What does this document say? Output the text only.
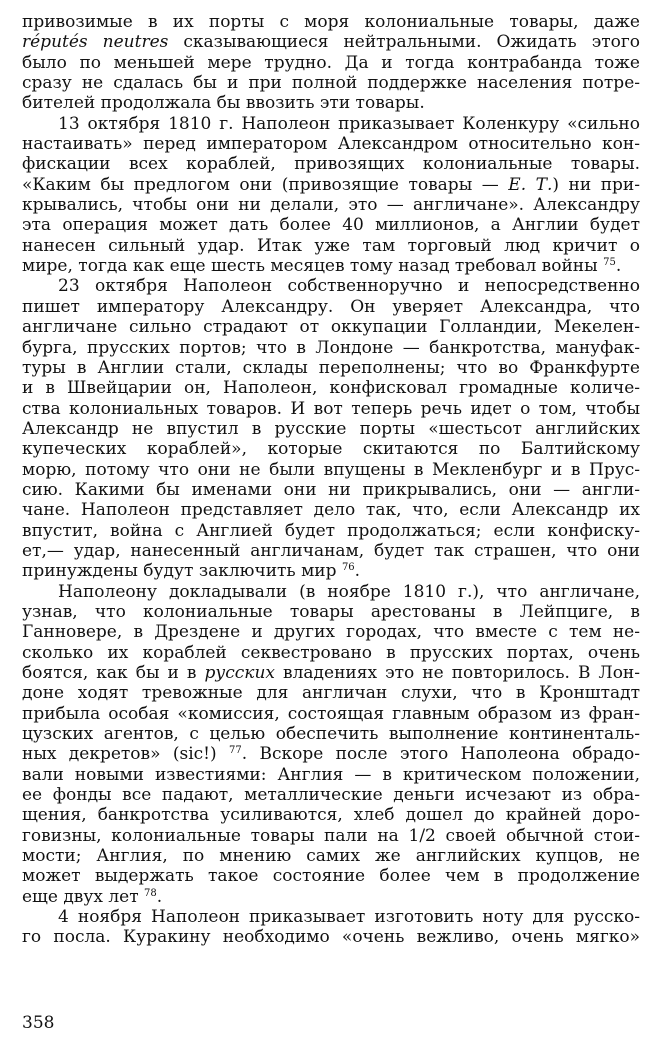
привозимые в их порты с моря колониальные товары, даже
réputés neutres сказывающиеся нейтральными. Ожидать этого
было по меньшей мере трудно. Да и тогда контрабанда тоже
сразу не сдалась бы и при полной поддержке населения потре-
бителей продолжала бы ввозить эти товары.
13 октября 1810 г. Наполеон приказывает Коленкуру «сильно
настаивать» перед императором Александром относительно кон-
фискации всех кораблей, привозящих колониальные товары.
«Каким бы предлогом они (привозящие товары — Е. Т.) ни при-
крывались, чтобы они ни делали, это — англичане». Александру
эта операция может дать более 40 миллионов, а Англии будет
нанесен сильный удар. Итак уже там торговый люд кричит о
мире, тогда как еще шесть месяцев тому назад требовал войны $^{75}$.
23 октября Наполеон собственноручно и непосредственно
пишет императору Александру. Он уверяет Александра, что
англичане сильно страдают от оккупации Голландии, Мекелен-
бурга, прусских портов; что в Лондоне — банкротства, мануфак-
туры в Англии стали, склады переполнены; что во Франкфурте
и в Швейцарии он, Наполеон, конфисковал громадные количе-
ства колониальных товаров. И вот теперь речь идет о том, чтобы
Александр не впустил в русские порты «шестьсот английских
купеческих кораблей», которые скитаются по Балтийскому
морю, потому что они не были впущены в Мекленбург и в Прус-
сию. Какими бы именами они ни прикрывались, они — англи-
чане. Наполеон представляет дело так, что, если Александр их
впустит, война с Англией будет продолжаться; если конфиску-
ет,— удар, нанесенный англичанам, будет так страшен, что они
принуждены будут заключить мир $^{76}$.
Наполеону докладывали (в ноябре 1810 г.), что англичане,
узнав, что колониальные товары арестованы в Лейпциге, в
Ганновере, в Дрездене и других городах, что вместе с тем не-
сколько их кораблей секвестровано в прусских портах, очень
боятся, как бы и в русских владениях это не повторилось. В Лон-
доне ходят тревожные для англичан слухи, что в Кронштадт
прибыла особая «комиссия, состоящая главным образом из фран-
цузских агентов, с целью обеспечить выполнение континенталь-
ных декретов» (sic!) $^{77}$. Вскоре после этого Наполеона обрадо-
вали новыми известиями: Англия — в критическом положении,
ее фонды все падают, металлические деньги исчезают из обра-
щения, банкротства усиливаются, хлеб дошел до крайней доро-
говизны, колониальные товары пали на 1/2 своей обычной стои-
мости; Англия, по мнению самих же английских купцов, не
может выдержать такое состояние более чем в продолжение
еще двух лет $^{78}$.
4 ноября Наполеон приказывает изготовить ноту для русско-
го посла. Куракину необходимо «очень вежливо, очень мягко»
358
